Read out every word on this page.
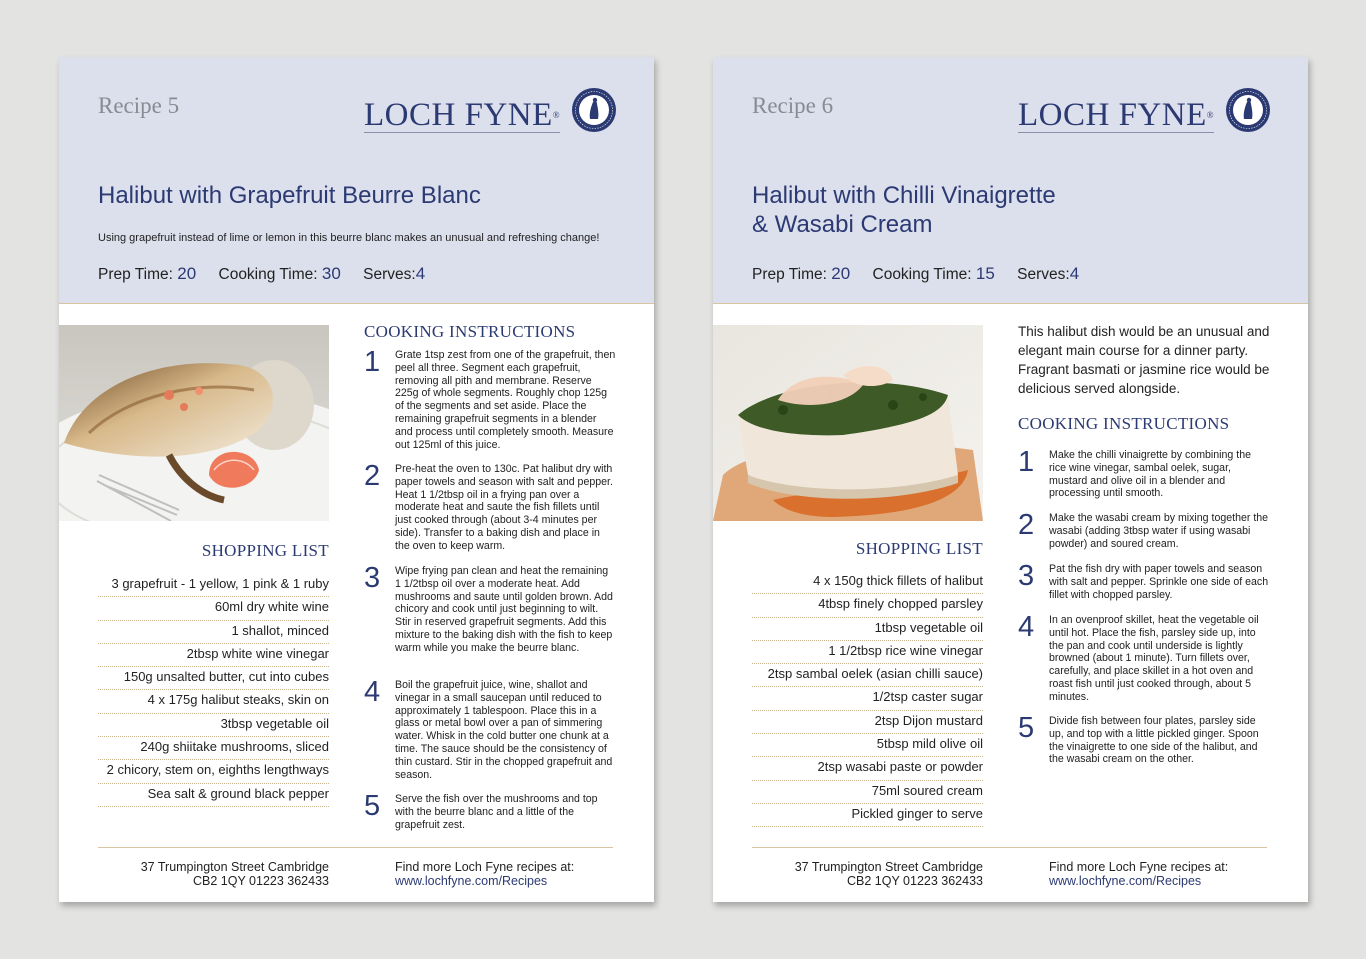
Recipe 5	LOCH FYNE®
Halibut with Grapefruit Beurre Blanc
Using grapefruit instead of lime or lemon in this beurre blanc makes an unusual and refreshing change!
Prep Time: 20 Cooking Time: 30 Serves:4
SHOPPING LIST
3 grapefruit - 1 yellow, 1 pink & 1 ruby
60ml dry white wine
1 shallot, minced
2tbsp white wine vinegar
150g unsalted butter, cut into cubes
4 x 175g halibut steaks, skin on
3tbsp vegetable oil
240g shiitake mushrooms, sliced
2 chicory, stem on, eighths lengthways
Sea salt & ground black pepper
COOKING INSTRUCTIONS
1 Grate 1tsp zest from one of the grapefruit, then peel all three. Segment each grapefruit, removing all pith and membrane. Reserve 225g of whole segments. Roughly chop 125g of the segments and set aside. Place the remaining grapefruit segments in a blender and process until completely smooth. Measure out 125ml of this juice.
2 Pre-heat the oven to 130c. Pat halibut dry with paper towels and season with salt and pepper. Heat 1 1/2tbsp oil in a frying pan over a moderate heat and saute the fish fillets until just cooked through (about 3-4 minutes per side). Transfer to a baking dish and place in the oven to keep warm.
3 Wipe frying pan clean and heat the remaining 1 1/2tbsp oil over a moderate heat. Add mushrooms and saute until golden brown. Add chicory and cook until just beginning to wilt. Stir in reserved grapefruit segments. Add this mixture to the baking dish with the fish to keep warm while you make the beurre blanc.
4 Boil the grapefruit juice, wine, shallot and vinegar in a small saucepan until reduced to approximately 1 tablespoon. Place this in a glass or metal bowl over a pan of simmering water. Whisk in the cold butter one chunk at a time. The sauce should be the consistency of thin custard. Stir in the chopped grapefruit and season.
5 Serve the fish over the mushrooms and top with the beurre blanc and a little of the grapefruit zest.
37 Trumpington Street Cambridge
CB2 1QY 01223 362433
Find more Loch Fyne recipes at:
www.lochfyne.com/Recipes
Recipe 6	LOCH FYNE®
Halibut with Chilli Vinaigrette
& Wasabi Cream
Prep Time: 20 Cooking Time: 15 Serves:4
This halibut dish would be an unusual and elegant main course for a dinner party. Fragrant basmati or jasmine rice would be delicious served alongside.
SHOPPING LIST
4 x 150g thick fillets of halibut
4tbsp finely chopped parsley
1tbsp vegetable oil
1 1/2tbsp rice wine vinegar
2tsp sambal oelek (asian chilli sauce)
1/2tsp caster sugar
2tsp Dijon mustard
5tbsp mild olive oil
2tsp wasabi paste or powder
75ml soured cream
Pickled ginger to serve
COOKING INSTRUCTIONS
1 Make the chilli vinaigrette by combining the rice wine vinegar, sambal oelek, sugar, mustard and olive oil in a blender and processing until smooth.
2 Make the wasabi cream by mixing together the wasabi (adding 3tbsp water if using wasabi powder) and soured cream.
3 Pat the fish dry with paper towels and season with salt and pepper. Sprinkle one side of each fillet with chopped parsley.
4 In an ovenproof skillet, heat the vegetable oil until hot. Place the fish, parsley side up, into the pan and cook until underside is lightly browned (about 1 minute). Turn fillets over, carefully, and place skillet in a hot oven and roast fish until just cooked through, about 5 minutes.
5 Divide fish between four plates, parsley side up, and top with a little pickled ginger. Spoon the vinaigrette to one side of the halibut, and the wasabi cream on the other.
37 Trumpington Street Cambridge
CB2 1QY 01223 362433
Find more Loch Fyne recipes at:
www.lochfyne.com/Recipes
